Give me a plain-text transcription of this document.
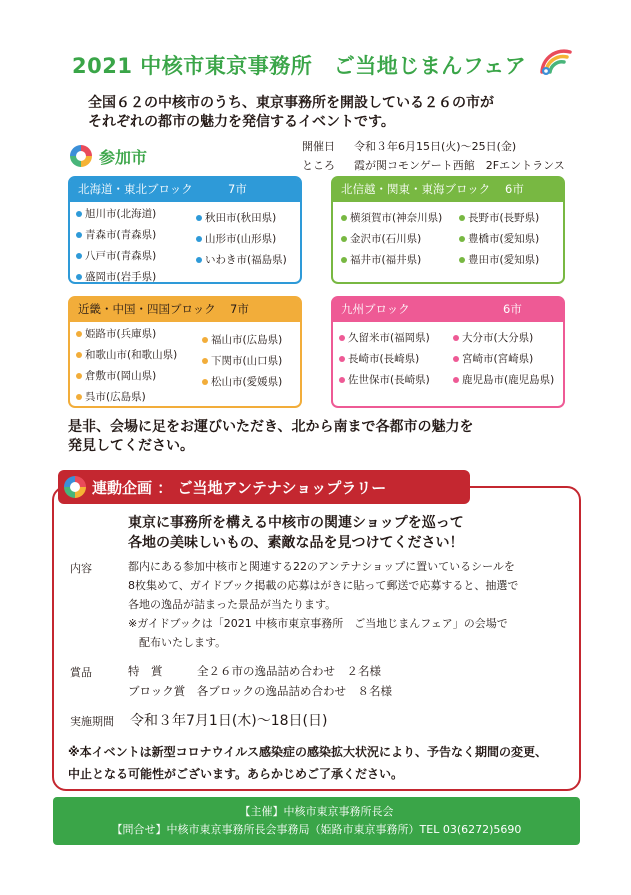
2021 中核市東京事務所　ご当地じまんフェア
全国６２の中核市のうち、東京事務所を開設している２６の市が
それぞれの都市の魅力を発信するイベントです。
参加市
開催日 令和３年6月15日(火)～25日(金)
ところ 霞が関コモンゲート西館　2Fエントランス
北海道・東北ブロック	7市
旭川市(北海道)
青森市(青森県)
八戸市(青森県)
盛岡市(岩手県)
秋田市(秋田県)
山形市(山形県)
いわき市(福島県)
北信越・関東・東海ブロック 6市
横須賀市(神奈川県)
金沢市(石川県)
福井市(福井県)
長野市(長野県)
豊橋市(愛知県)
豊田市(愛知県)
近畿・中国・四国ブロック 7市
姫路市(兵庫県)
和歌山市(和歌山県)
倉敷市(岡山県)
呉市(広島県)
福山市(広島県)
下関市(山口県)
松山市(愛媛県)
九州ブロック	6市
久留米市(福岡県)
長崎市(長崎県)
佐世保市(長崎県)
大分市(大分県)
宮崎市(宮崎県)
鹿児島市(鹿児島県)
是非、会場に足をお運びいただき、北から南まで各都市の魅力を
発見してください。
連動企画 ： ご当地アンテナショップラリー
東京に事務所を構える中核市の関連ショップを巡って
各地の美味しいもの、素敵な品を見つけてください！
内容	都内にある参加中核市と関連する22のアンテナショップに置いているシールを
8枚集めて、ガイドブック掲載の応募はがきに貼って郵送で応募すると、抽選で
各地の逸品が詰まった景品が当たります。
※ガイドブックは「2021 中核市東京事務所　ご当地じまんフェア」の会場で
　配布いたします。
賞品	特　賞　　　全２６市の逸品詰め合わせ　２名様
ブロック賞　各ブロックの逸品詰め合わせ　８名様
実施期間 令和３年7月1日(木)～18日(日)
※本イベントは新型コロナウイルス感染症の感染拡大状況により、予告なく期間の変更、
中止となる可能性がございます。あらかじめご了承ください。
【主催】中核市東京事務所長会
【問合せ】中核市東京事務所長会事務局（姫路市東京事務所）TEL 03(6272)5690
